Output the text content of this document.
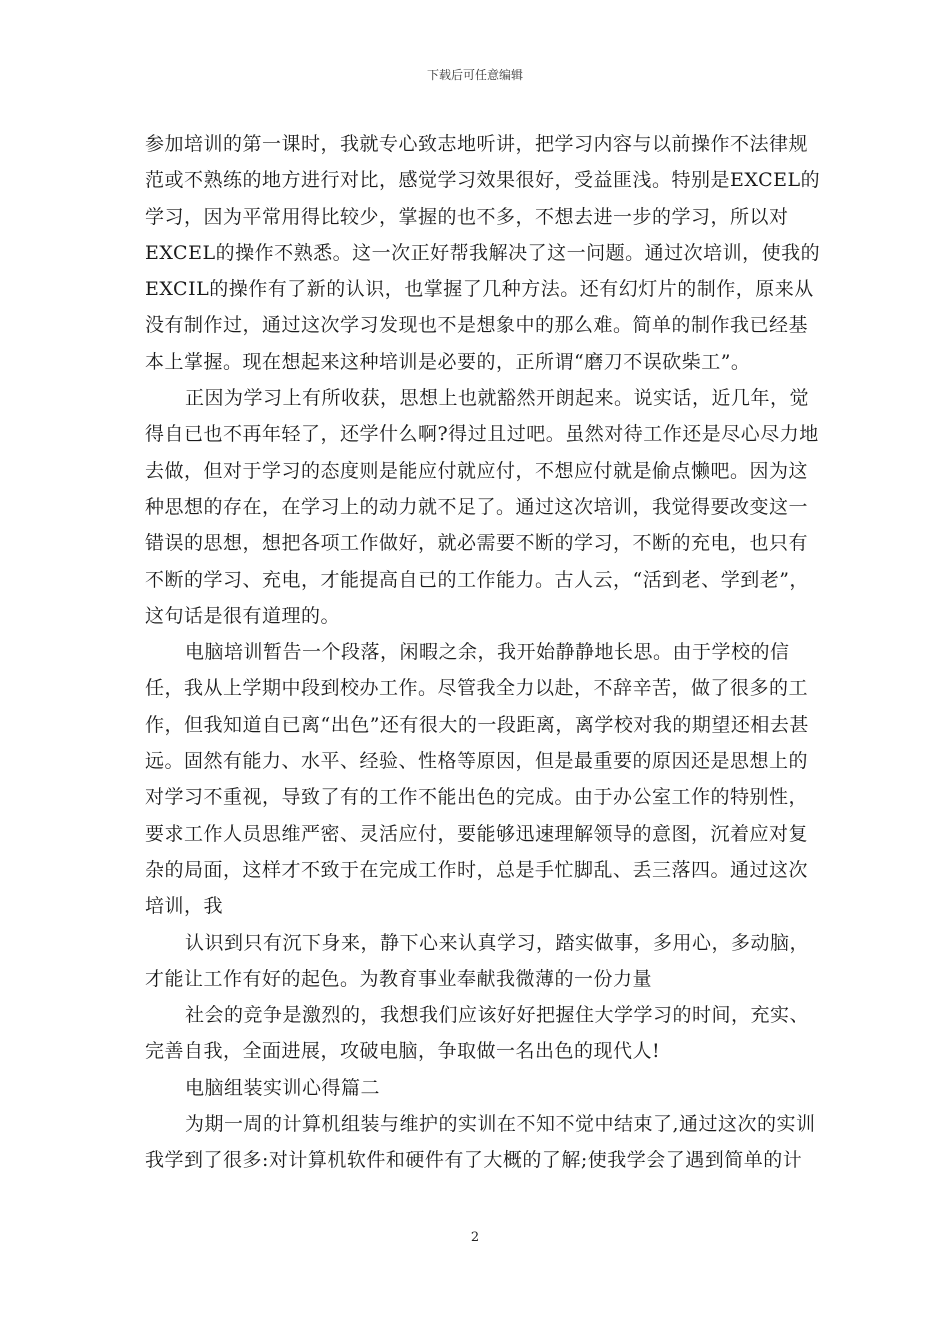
下载后可任意编辑

参加培训的第一课时，我就专心致志地听讲，把学习内容与以前操作不法律规范或不熟练的地方进行对比，感觉学习效果很好，受益匪浅。特别是EXCEL的学习，因为平常用得比较少，掌握的也不多，不想去进一步的学习，所以对EXCEL的操作不熟悉。这一次正好帮我解决了这一问题。通过次培训，使我的EXCIL的操作有了新的认识，也掌握了几种方法。还有幻灯片的制作，原来从没有制作过，通过这次学习发现也不是想象中的那么难。简单的制作我已经基本上掌握。现在想起来这种培训是必要的，正所谓“磨刀不误砍柴工”。

正因为学习上有所收获，思想上也就豁然开朗起来。说实话，近几年，觉得自已也不再年轻了，还学什么啊?得过且过吧。虽然对待工作还是尽心尽力地去做，但对于学习的态度则是能应付就应付，不想应付就是偷点懒吧。因为这种思想的存在，在学习上的动力就不足了。通过这次培训，我觉得要改变这一错误的思想，想把各项工作做好，就必需要不断的学习，不断的充电，也只有不断的学习、充电，才能提高自已的工作能力。古人云，“活到老、学到老”，这句话是很有道理的。

电脑培训暂告一个段落，闲暇之余，我开始静静地长思。由于学校的信任，我从上学期中段到校办工作。尽管我全力以赴，不辞辛苦，做了很多的工作，但我知道自已离“出色”还有很大的一段距离，离学校对我的期望还相去甚远。固然有能力、水平、经验、性格等原因，但是最重要的原因还是思想上的对学习不重视，导致了有的工作不能出色的完成。由于办公室工作的特别性，要求工作人员思维严密、灵活应付，要能够迅速理解领导的意图，沉着应对复杂的局面，这样才不致于在完成工作时，总是手忙脚乱、丢三落四。通过这次培训，我

认识到只有沉下身来，静下心来认真学习，踏实做事，多用心，多动脑，才能让工作有好的起色。为教育事业奉献我微薄的一份力量

社会的竞争是激烈的，我想我们应该好好把握住大学学习的时间，充实、完善自我，全面进展，攻破电脑，争取做一名出色的现代人!

电脑组装实训心得篇二

为期一周的计算机组装与维护的实训在不知不觉中结束了,通过这次的实训我学到了很多:对计算机软件和硬件有了大概的了解;使我学会了遇到简单的计

2
